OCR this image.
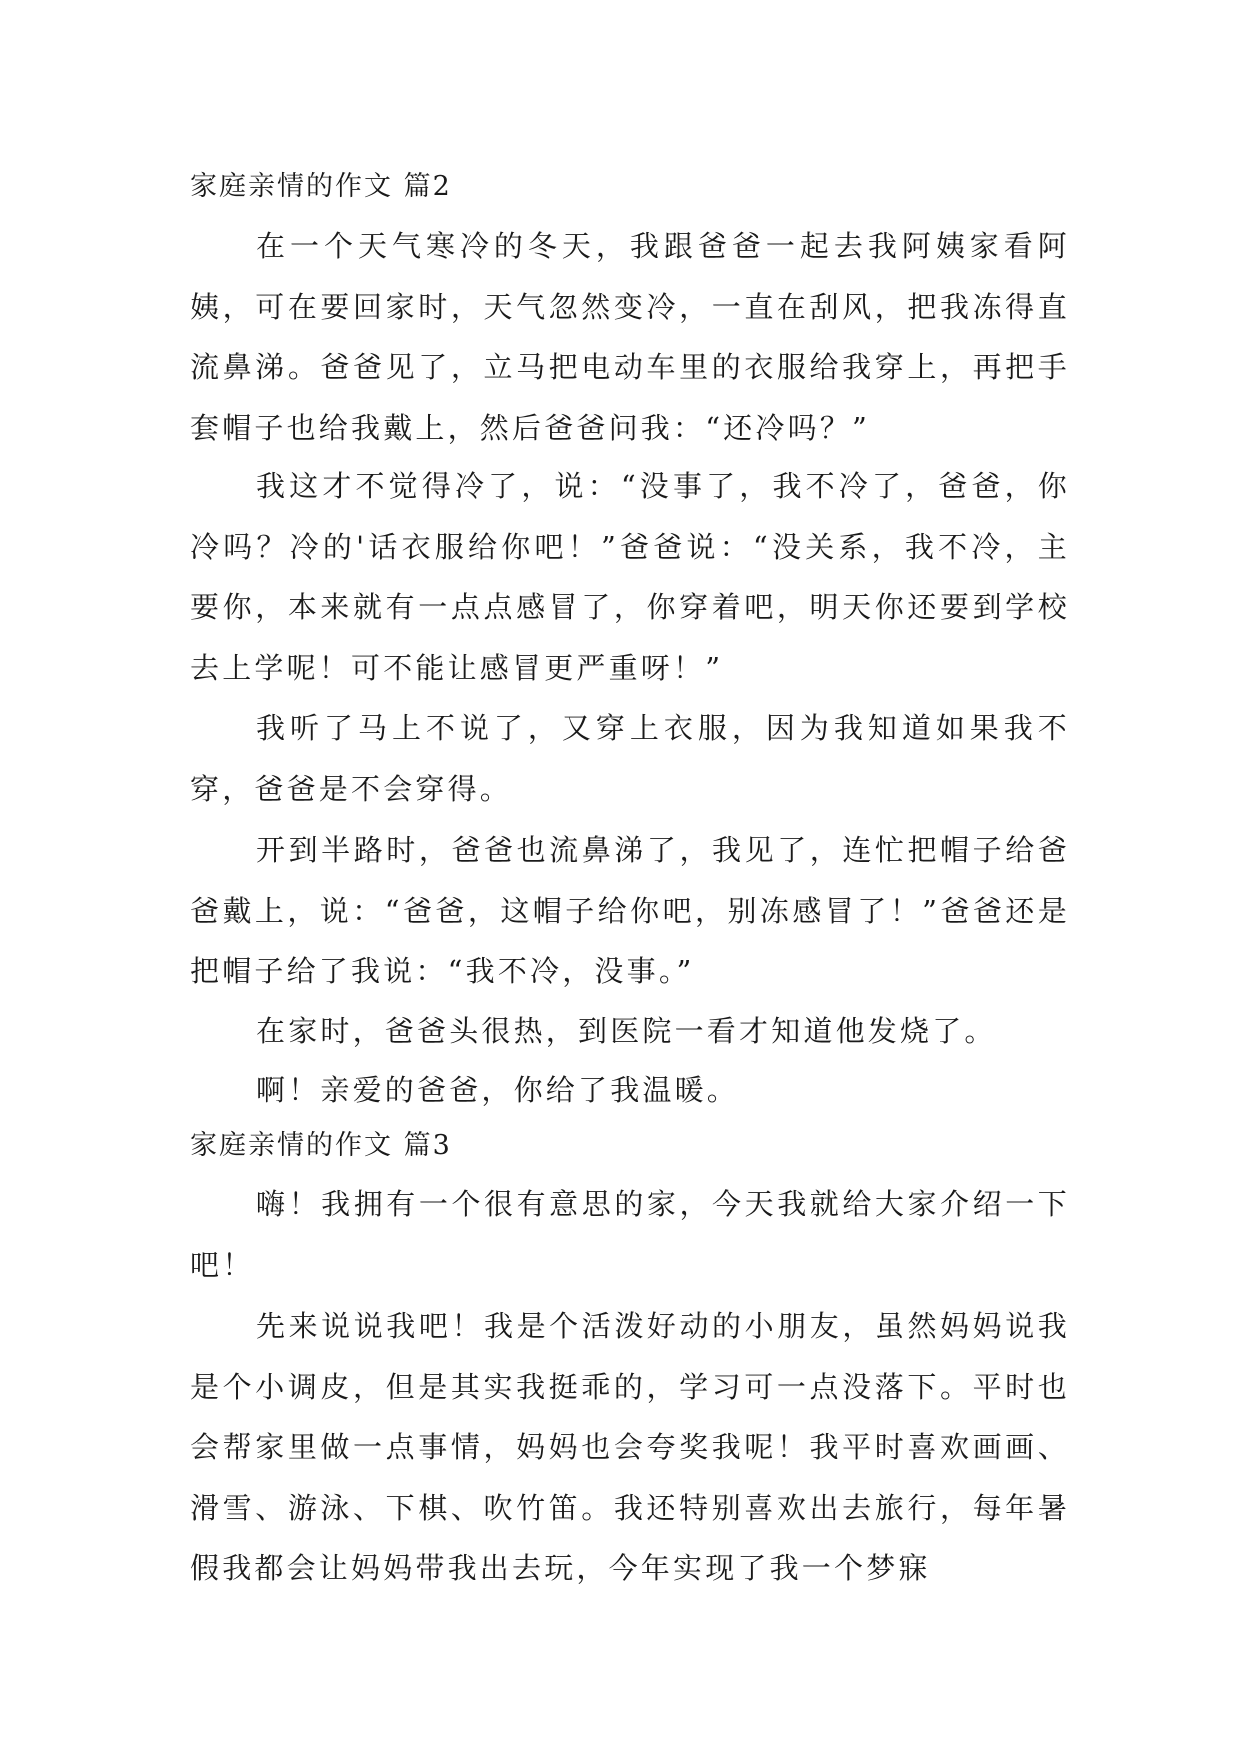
家庭亲情的作文 篇2

在一个天气寒冷的冬天，我跟爸爸一起去我阿姨家看阿姨，可在要回家时，天气忽然变冷，一直在刮风，把我冻得直流鼻涕。爸爸见了，立马把电动车里的衣服给我穿上，再把手套帽子也给我戴上，然后爸爸问我：“还冷吗？”

我这才不觉得冷了，说：“没事了，我不冷了，爸爸，你冷吗？冷的'话衣服给你吧！”爸爸说：“没关系，我不冷，主要你，本来就有一点点感冒了，你穿着吧，明天你还要到学校去上学呢！可不能让感冒更严重呀！”

我听了马上不说了，又穿上衣服，因为我知道如果我不穿，爸爸是不会穿得。

开到半路时，爸爸也流鼻涕了，我见了，连忙把帽子给爸爸戴上，说：“爸爸，这帽子给你吧，别冻感冒了！”爸爸还是把帽子给了我说：“我不冷，没事。”

在家时，爸爸头很热，到医院一看才知道他发烧了。

啊！亲爱的爸爸，你给了我温暖。

家庭亲情的作文 篇3

嗨！我拥有一个很有意思的家，今天我就给大家介绍一下吧！

先来说说我吧！我是个活泼好动的小朋友，虽然妈妈说我是个小调皮，但是其实我挺乖的，学习可一点没落下。平时也会帮家里做一点事情，妈妈也会夸奖我呢！我平时喜欢画画、滑雪、游泳、下棋、吹竹笛。我还特别喜欢出去旅行，每年暑假我都会让妈妈带我出去玩，今年实现了我一个梦寐
